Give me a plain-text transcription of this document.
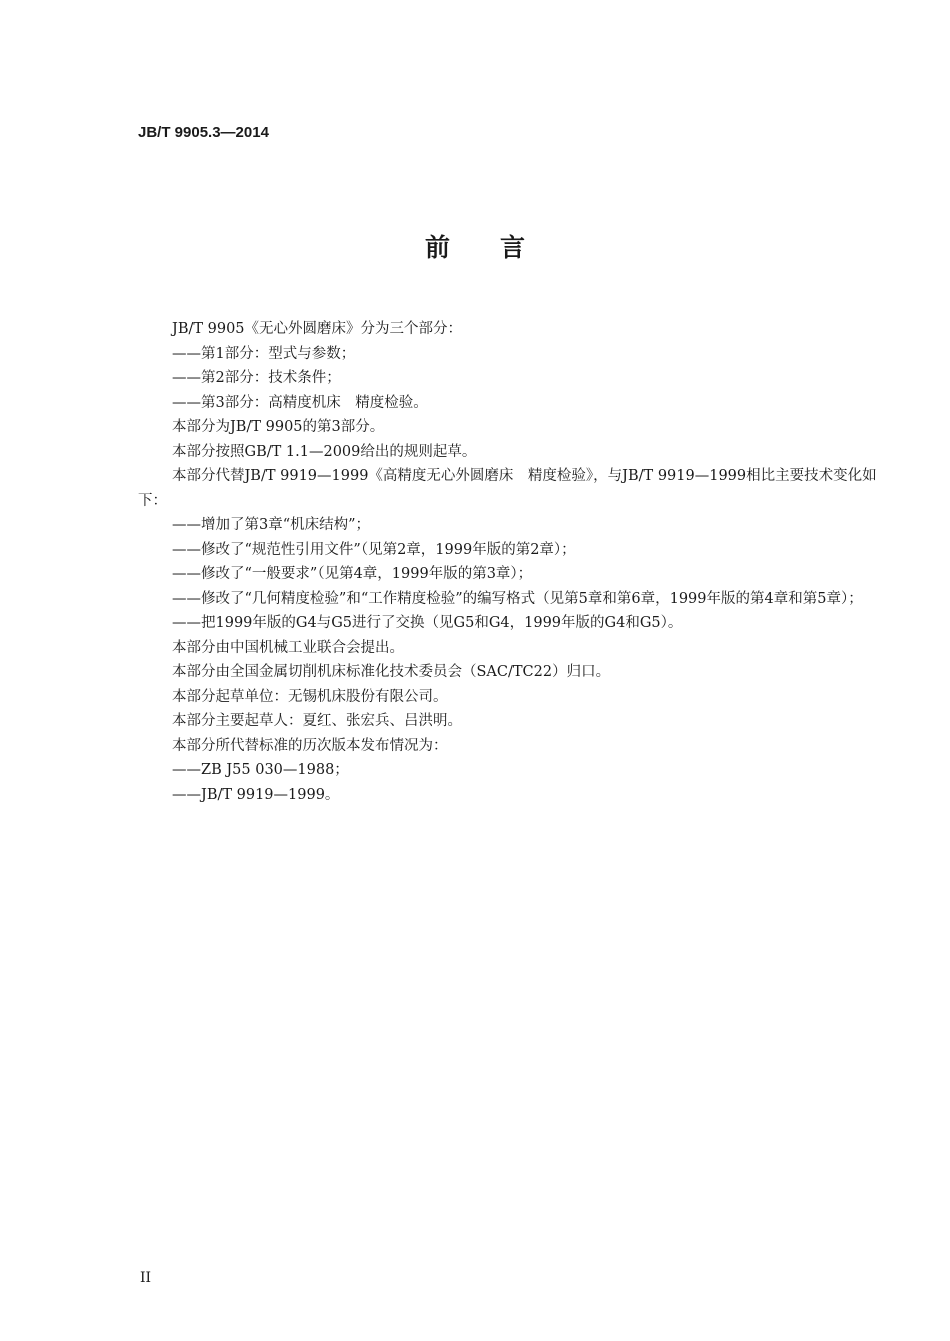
JB/T 9905.3—2014
前 言

JB/T 9905《无心外圆磨床》分为三个部分：

——第1部分：型式与参数；

——第2部分：技术条件；

——第3部分：高精度机床　精度检验。

本部分为JB/T 9905的第3部分。

本部分按照GB/T 1.1—2009给出的规则起草。

本部分代替JB/T 9919—1999《高精度无心外圆磨床　精度检验》，与JB/T 9919—1999相比主要技术变化如下：

——增加了第3章“机床结构”；

——修改了“规范性引用文件”（见第2章，1999年版的第2章）；

——修改了“一般要求”（见第4章，1999年版的第3章）；

——修改了“几何精度检验”和“工作精度检验”的编写格式（见第5章和第6章，1999年版的第4章和第5章）；

——把1999年版的G4与G5进行了交换（见G5和G4，1999年版的G4和G5）。

本部分由中国机械工业联合会提出。

本部分由全国金属切削机床标准化技术委员会（SAC/TC22）归口。

本部分起草单位：无锡机床股份有限公司。

本部分主要起草人：夏红、张宏兵、吕洪明。

本部分所代替标准的历次版本发布情况为：

——ZB J55 030—1988；

——JB/T 9919—1999。

II
